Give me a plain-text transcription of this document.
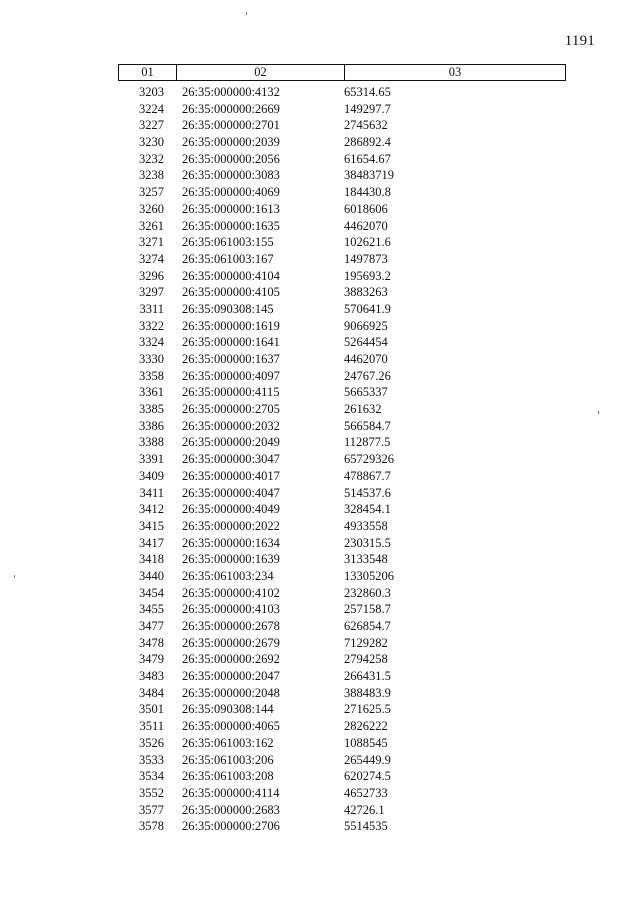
1191
01	02	03
3203	26:35:000000:4132	65314.65
3224	26:35:000000:2669	149297.7
3227	26:35:000000:2701	2745632
3230	26:35:000000:2039	286892.4
3232	26:35:000000:2056	61654.67
3238	26:35:000000:3083	38483719
3257	26:35:000000:4069	184430.8
3260	26:35:000000:1613	6018606
3261	26:35:000000:1635	4462070
3271	26:35:061003:155	102621.6
3274	26:35:061003:167	1497873
3296	26:35:000000:4104	195693.2
3297	26:35:000000:4105	3883263
3311	26:35:090308:145	570641.9
3322	26:35:000000:1619	9066925
3324	26:35:000000:1641	5264454
3330	26:35:000000:1637	4462070
3358	26:35:000000:4097	24767.26
3361	26:35:000000:4115	5665337
3385	26:35:000000:2705	261632
3386	26:35:000000:2032	566584.7
3388	26:35:000000:2049	112877.5
3391	26:35:000000:3047	65729326
3409	26:35:000000:4017	478867.7
3411	26:35:000000:4047	514537.6
3412	26:35:000000:4049	328454.1
3415	26:35:000000:2022	4933558
3417	26:35:000000:1634	230315.5
3418	26:35:000000:1639	3133548
3440	26:35:061003:234	13305206
3454	26:35:000000:4102	232860.3
3455	26:35:000000:4103	257158.7
3477	26:35:000000:2678	626854.7
3478	26:35:000000:2679	7129282
3479	26:35:000000:2692	2794258
3483	26:35:000000:2047	266431.5
3484	26:35:000000:2048	388483.9
3501	26:35:090308:144	271625.5
3511	26:35:000000:4065	2826222
3526	26:35:061003:162	1088545
3533	26:35:061003:206	265449.9
3534	26:35:061003:208	620274.5
3552	26:35:000000:4114	4652733
3577	26:35:000000:2683	42726.1
3578	26:35:000000:2706	5514535
